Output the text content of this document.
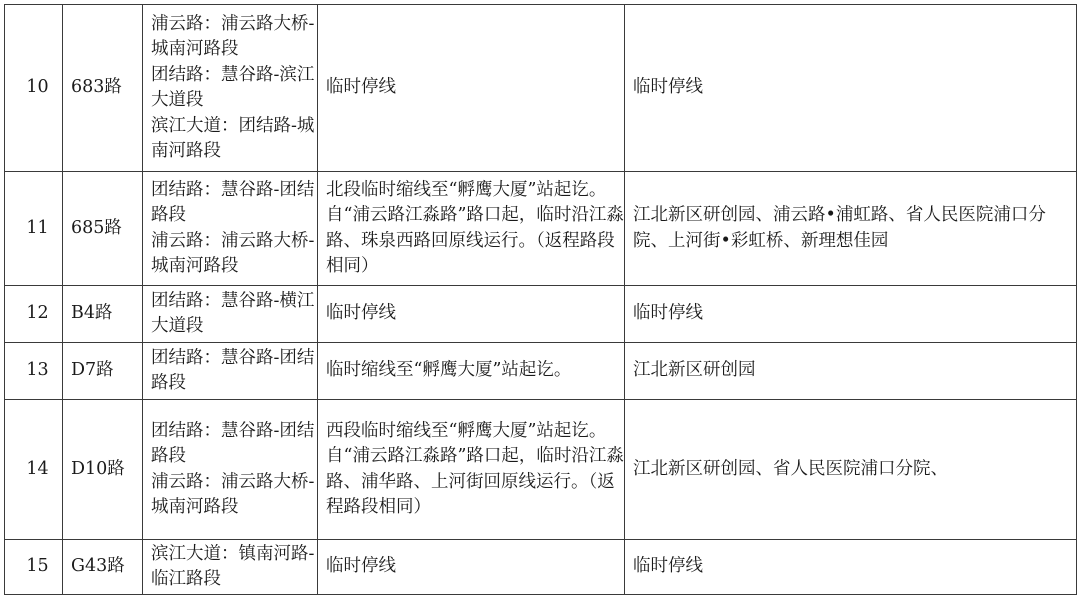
10	683路	浦云路：浦云路大桥-城南河路段
团结路：慧谷路-滨江大道段
滨江大道：团结路-城南河路段	临时停线	临时停线
11	685路	团结路：慧谷路-团结路段
浦云路：浦云路大桥-城南河路段	北段临时缩线至“孵鹰大厦”站起讫。自“浦云路江淼路”路口起，临时沿江淼路、珠泉西路回原线运行。（返程路段相同）	江北新区研创园、浦云路•浦虹路、省人民医院浦口分院、上河街•彩虹桥、新理想佳园
12	B4路	团结路：慧谷路-横江大道段	临时停线	临时停线
13	D7路	团结路：慧谷路-团结路段	临时缩线至“孵鹰大厦”站起讫。	江北新区研创园
14	D10路	团结路：慧谷路-团结路段
浦云路：浦云路大桥-城南河路段	西段临时缩线至“孵鹰大厦”站起讫。自“浦云路江淼路”路口起，临时沿江淼路、浦华路、上河街回原线运行。（返程路段相同）	江北新区研创园、省人民医院浦口分院、
15	G43路	滨江大道：镇南河路-临江路段	临时停线	临时停线
